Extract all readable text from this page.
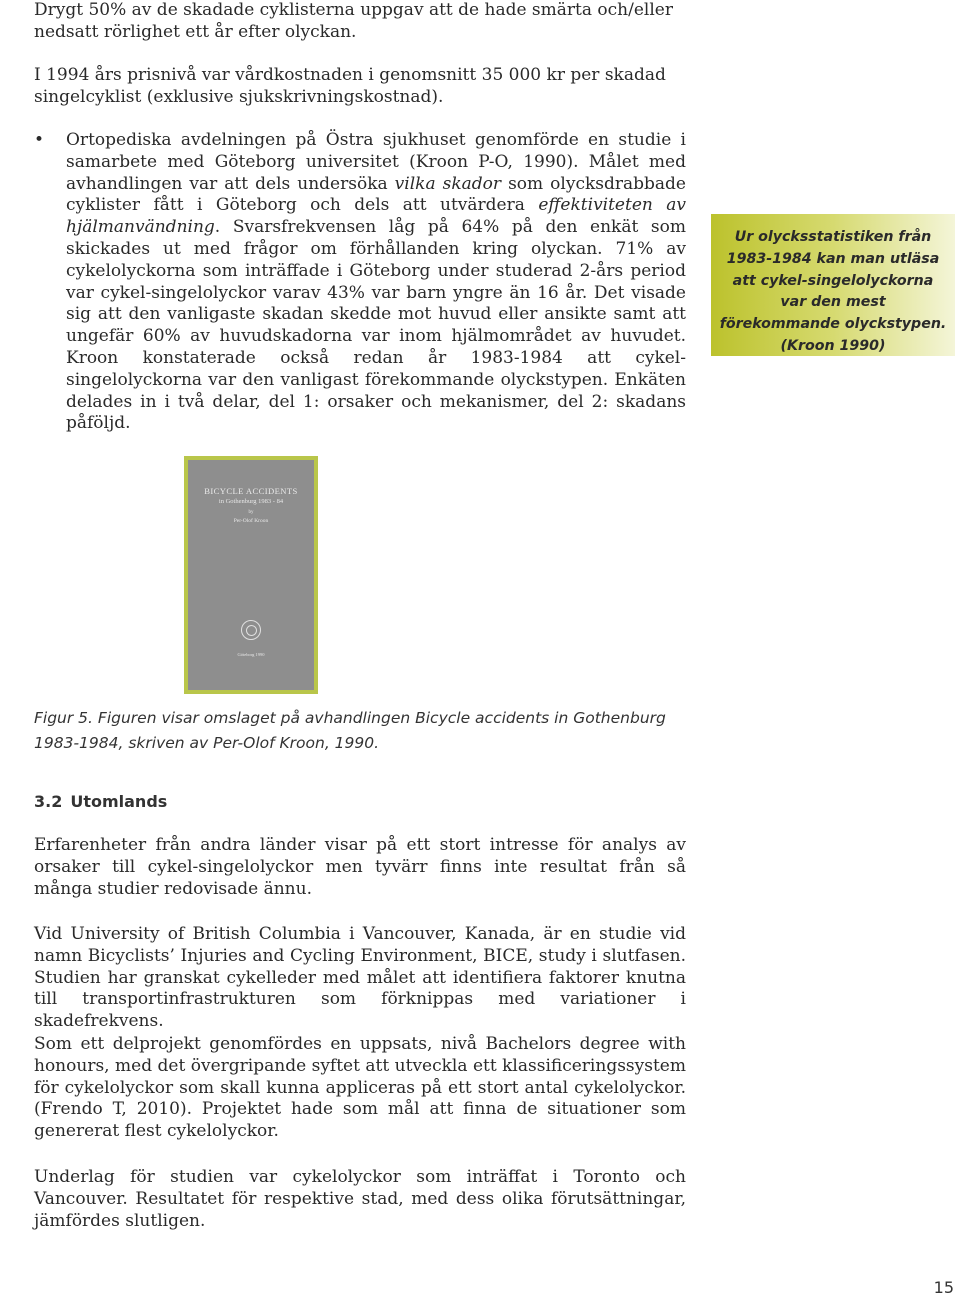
Drygt 50% av de skadade cyklisterna uppgav att de hade smärta och/eller nedsatt rörlighet ett år efter olyckan.

I 1994 års prisnivå var vårdkostnaden i genomsnitt 35 000 kr per skadad singelcyklist (exklusive sjukskrivningskostnad).

• Ortopediska avdelningen på Östra sjukhuset genomförde en studie i samarbete med Göteborg universitet (Kroon P-O, 1990). Målet med avhandlingen var att dels undersöka vilka skador som olycksdrabbade cyklister fått i Göteborg och dels att utvärdera effektiviteten av hjälmanvändning. Svarsfrekvensen låg på 64% på den enkät som skickades ut med frågor om förhållanden kring olyckan. 71% av cykelolyckorna som inträffade i Göteborg under studerad 2-års period var cykel-singelolyckor varav 43% var barn yngre än 16 år. Det visade sig att den vanligaste skadan skedde mot huvud eller ansikte samt att ungefär 60% av huvudskadorna var inom hjälmområdet av huvudet. Kroon konstaterade också redan år 1983-1984 att cykel-singelolyckorna var den vanligast förekommande olyckstypen. Enkäten delades in i två delar, del 1: orsaker och mekanismer, del 2: skadans påföljd.
Ur olycksstatistiken från 1983-1984 kan man utläsa att cykel-singelolyckorna var den mest förekommande olyckstypen. (Kroon 1990)
BICYCLE ACCIDENTS
in Gothenburg 1983 - 84
by
Per-Olof Kroon
Göteborg 1990
Figur 5. Figuren visar omslaget på avhandlingen Bicycle accidents in Gothenburg 1983-1984, skriven av Per-Olof Kroon, 1990.
3.2 Utomlands

Erfarenheter från andra länder visar på ett stort intresse för analys av orsaker till cykel-singelolyckor men tyvärr finns inte resultat från så många studier redovisade ännu.

Vid University of British Columbia i Vancouver, Kanada, är en studie vid namn Bicyclists’ Injuries and Cycling Environment, BICE, study i slutfasen. Studien har granskat cykelleder med målet att identifiera faktorer knutna till transportinfrastrukturen som förknippas med variationer i skadefrekvens.

Som ett delprojekt genomfördes en uppsats, nivå Bachelors degree with honours, med det övergripande syftet att utveckla ett klassificeringssystem för cykelolyckor som skall kunna appliceras på ett stort antal cykelolyckor. (Frendo T, 2010). Projektet hade som mål att finna de situationer som genererat flest cykelolyckor.

Underlag för studien var cykelolyckor som inträffat i Toronto och Vancouver. Resultatet för respektive stad, med dess olika förutsättningar, jämfördes slutligen.

15
